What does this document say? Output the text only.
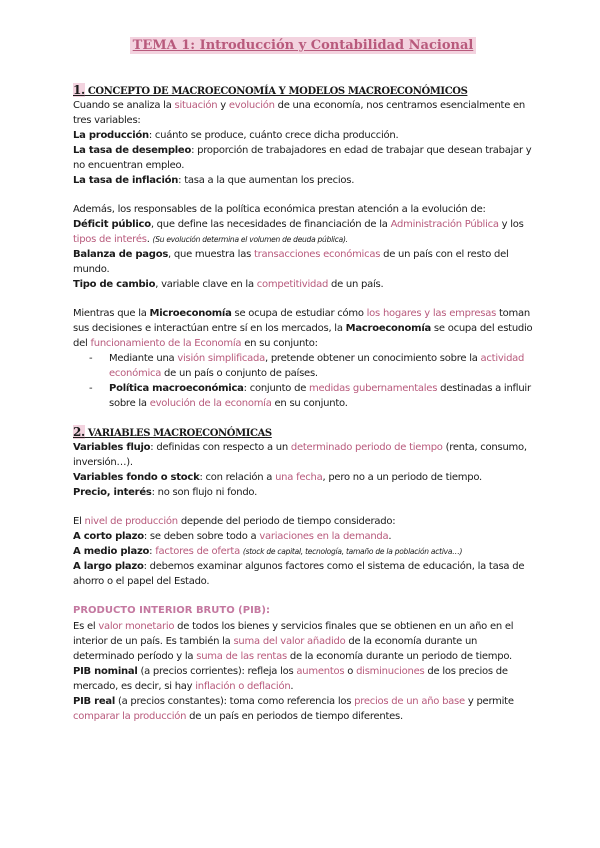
TEMA 1: Introducción y Contabilidad Nacional
1. CONCEPTO DE MACROECONOMÍA Y MODELOS MACROECONÓMICOS

Cuando se analiza la situación y evolución de una economía, nos centramos esencialmente en tres variables:

La producción: cuánto se produce, cuánto crece dicha producción.

La tasa de desempleo: proporción de trabajadores en edad de trabajar que desean trabajar y no encuentran empleo.

La tasa de inflación: tasa a la que aumentan los precios.

Además, los responsables de la política económica prestan atención a la evolución de:

Déficit público, que define las necesidades de financiación de la Administración Pública y los tipos de interés. (Su evolución determina el volumen de deuda pública).

Balanza de pagos, que muestra las transacciones económicas de un país con el resto del mundo.

Tipo de cambio, variable clave en la competitividad de un país.

Mientras que la Microeconomía se ocupa de estudiar cómo los hogares y las empresas toman sus decisiones e interactúan entre sí en los mercados, la Macroeconomía se ocupa del estudio del funcionamiento de la Economía en su conjunto:

- Mediante una visión simplificada, pretende obtener un conocimiento sobre la actividad económica de un país o conjunto de países.
- Política macroeconómica: conjunto de medidas gubernamentales destinadas a influir sobre la evolución de la economía en su conjunto.
2. VARIABLES MACROECONÓMICAS

Variables flujo: definidas con respecto a un determinado periodo de tiempo (renta, consumo, inversión…).

Variables fondo o stock: con relación a una fecha, pero no a un periodo de tiempo.

Precio, interés: no son flujo ni fondo.

El nivel de producción depende del periodo de tiempo considerado:

A corto plazo: se deben sobre todo a variaciones en la demanda.

A medio plazo: factores de oferta (stock de capital, tecnología, tamaño de la población activa…)

A largo plazo: debemos examinar algunos factores como el sistema de educación, la tasa de ahorro o el papel del Estado.

PRODUCTO INTERIOR BRUTO (PIB):

Es el valor monetario de todos los bienes y servicios finales que se obtienen en un año en el interior de un país. Es también la suma del valor añadido de la economía durante un determinado período y la suma de las rentas de la economía durante un periodo de tiempo.

PIB nominal (a precios corrientes): refleja los aumentos o disminuciones de los precios de mercado, es decir, si hay inflación o deflación.

PIB real (a precios constantes): toma como referencia los precios de un año base y permite comparar la producción de un país en periodos de tiempo diferentes.
